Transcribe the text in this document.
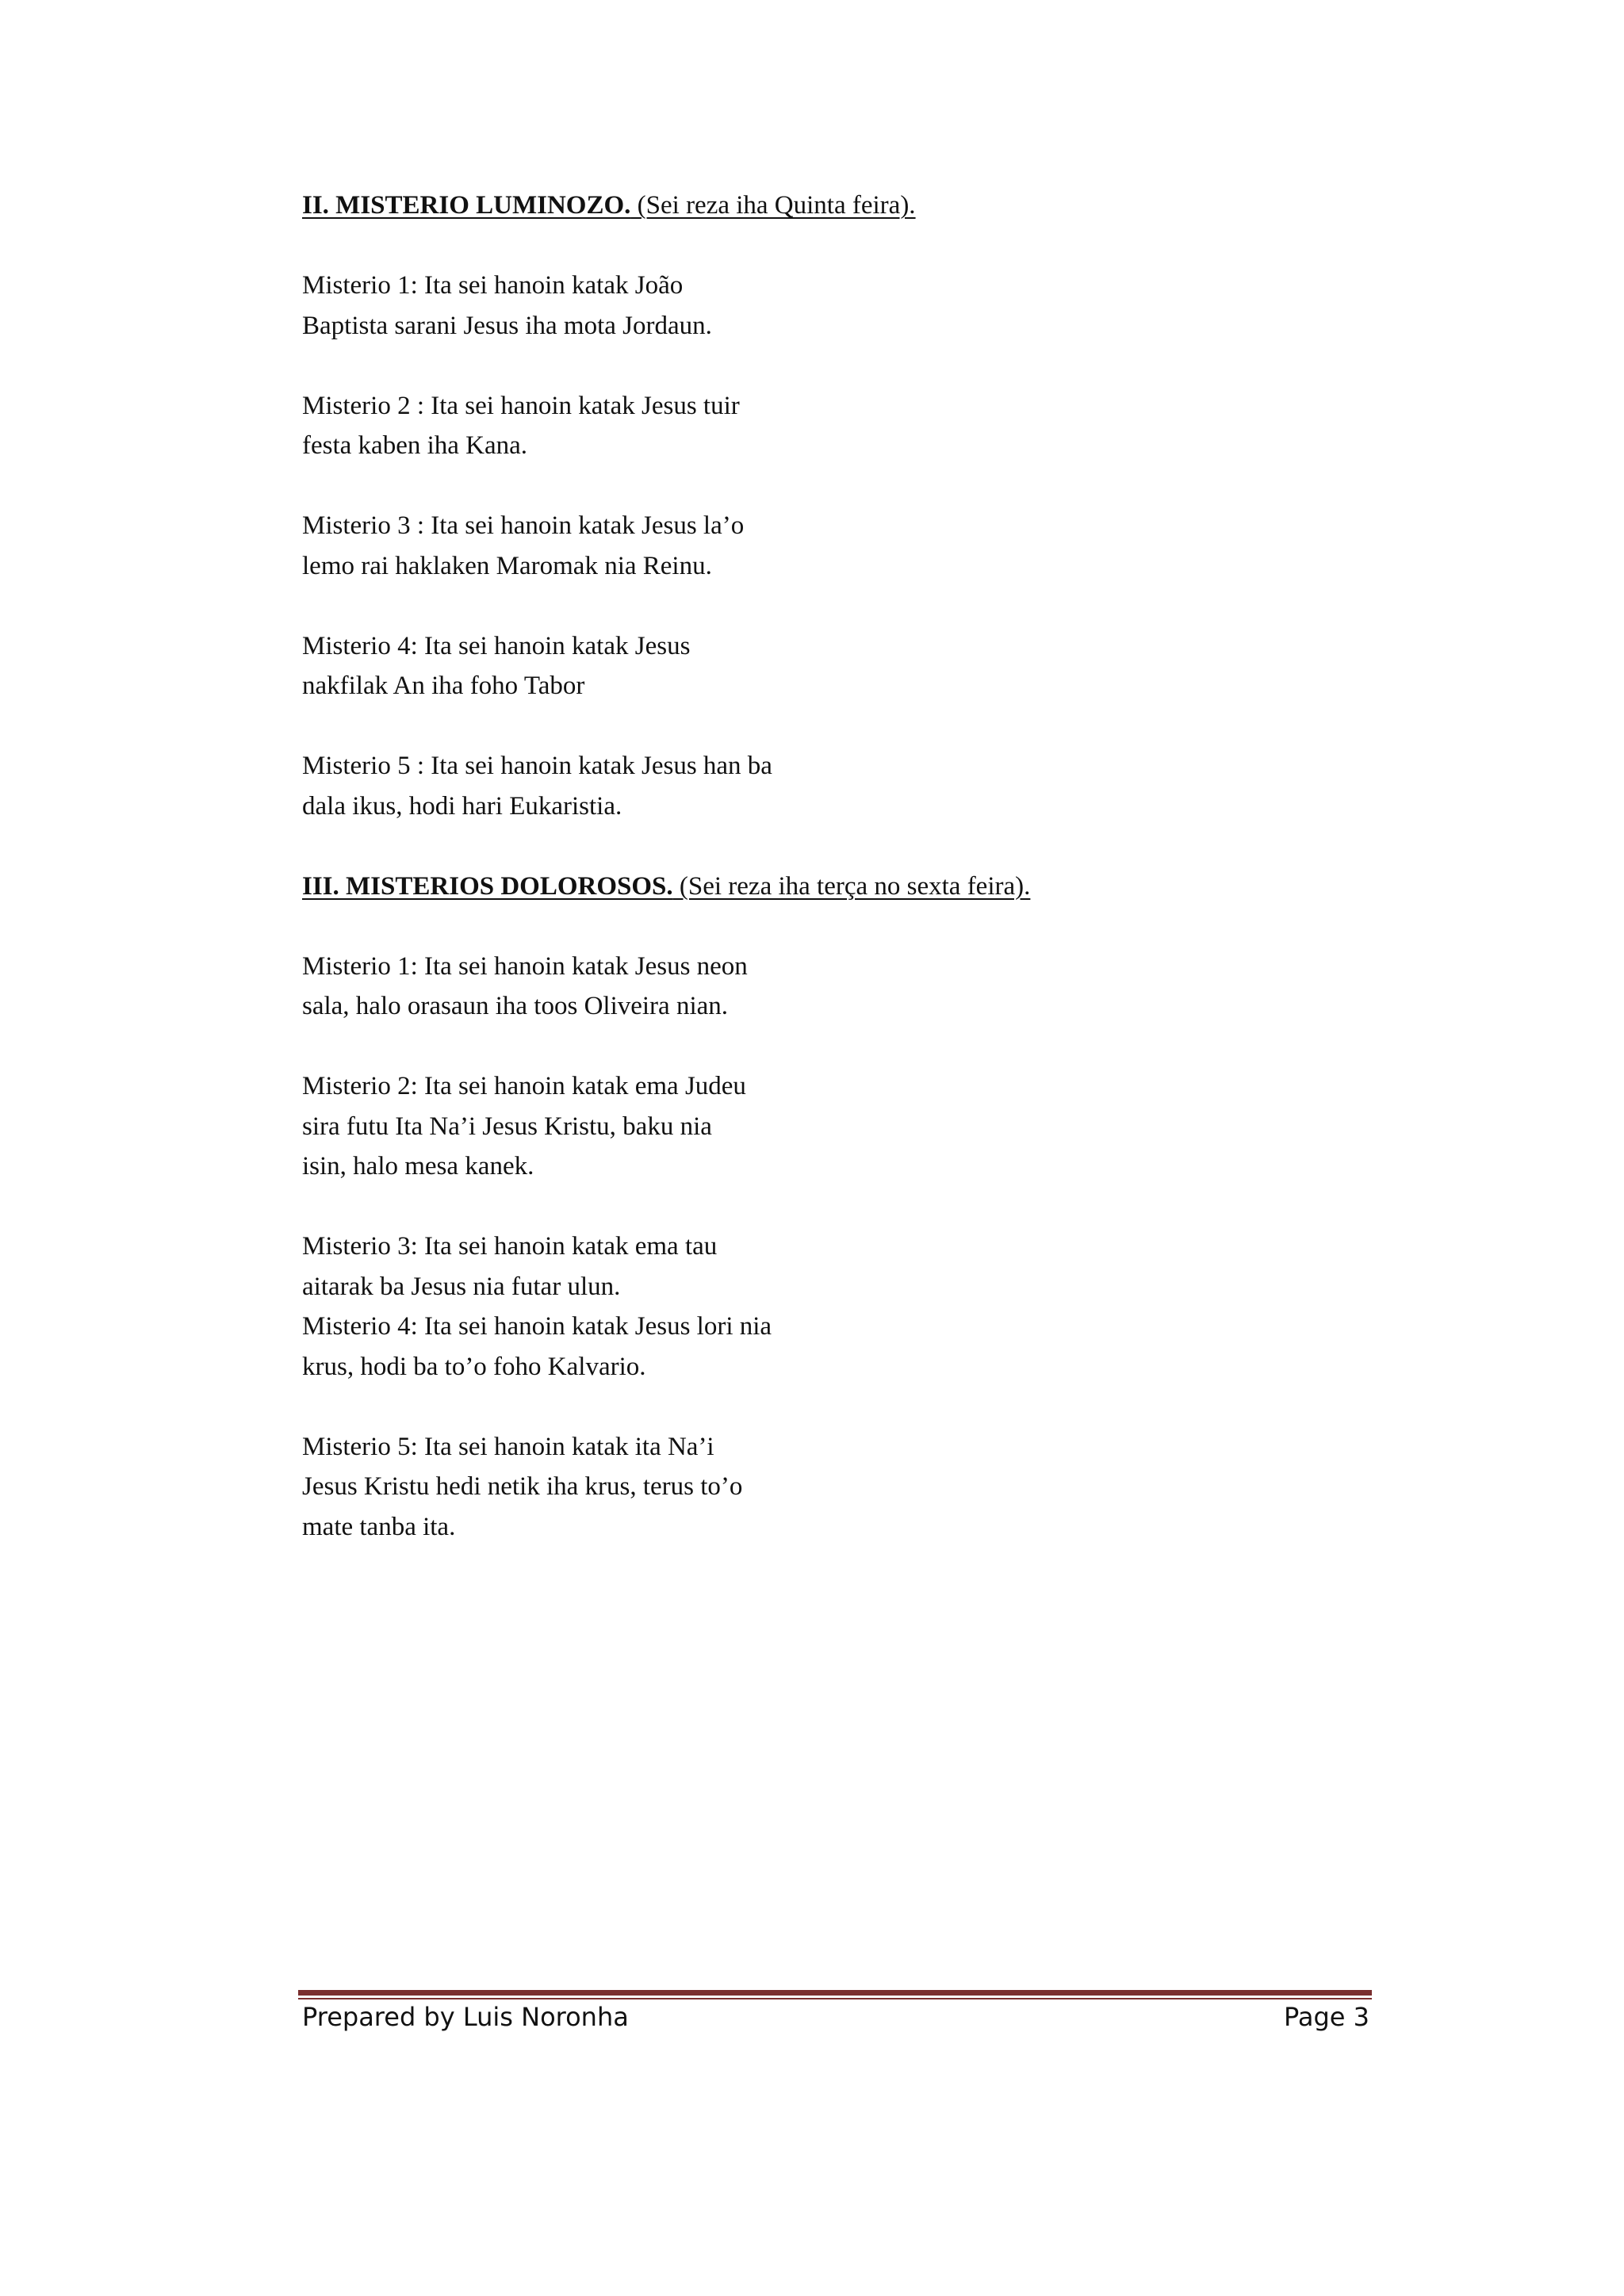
II. MISTERIO LUMINOZO. (Sei reza iha Quinta feira).
Misterio 1: Ita sei hanoin katak João
Baptista sarani Jesus iha mota Jordaun.
Misterio 2 : Ita sei hanoin katak Jesus tuir
festa kaben iha Kana.
Misterio 3 : Ita sei hanoin katak Jesus la’o
lemo rai haklaken Maromak nia Reinu.
Misterio 4: Ita sei hanoin katak Jesus
nakfilak An iha foho Tabor
Misterio 5 : Ita sei hanoin katak Jesus han ba
dala ikus, hodi hari Eukaristia.
III. MISTERIOS DOLOROSOS. (Sei reza iha terça no sexta feira).
Misterio 1: Ita sei hanoin katak Jesus neon
sala, halo orasaun iha toos Oliveira nian.
Misterio 2: Ita sei hanoin katak ema Judeu
sira futu Ita Na’i Jesus Kristu, baku nia
isin, halo mesa kanek.
Misterio 3: Ita sei hanoin katak ema tau
aitarak ba Jesus nia futar ulun.
Misterio 4: Ita sei hanoin katak Jesus lori nia
krus, hodi ba to’o foho Kalvario.
Misterio 5: Ita sei hanoin katak ita Na’i
Jesus Kristu hedi netik iha krus, terus to’o
mate tanba ita.
Prepared by Luis Noronha	Page 3
